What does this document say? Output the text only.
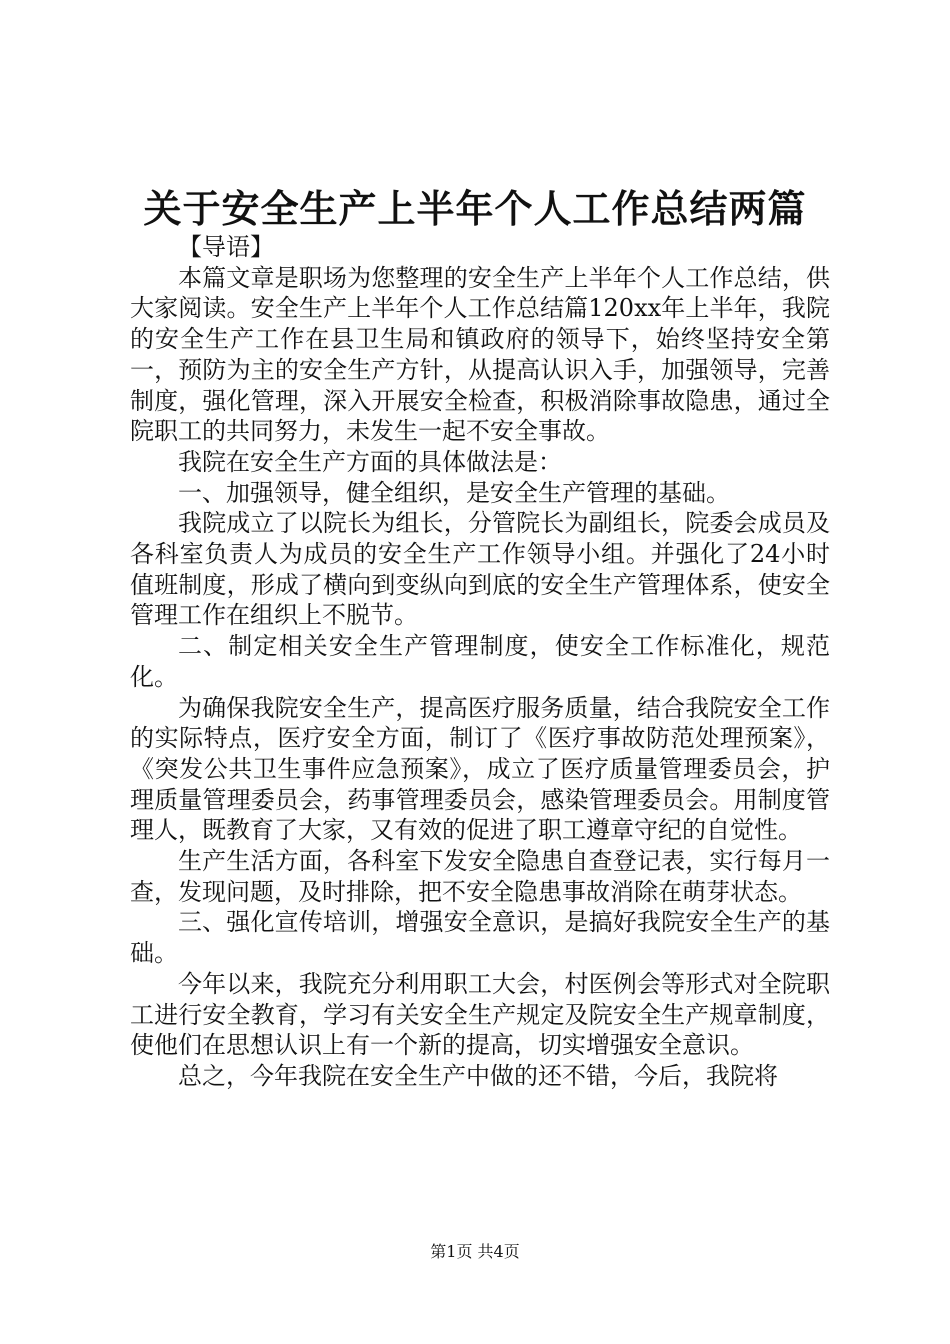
关于安全生产上半年个人工作总结两篇

【导语】

本篇文章是职场为您整理的安全生产上半年个人工作总结，供大家阅读。安全生产上半年个人工作总结篇120xx年上半年，我院的安全生产工作在县卫生局和镇政府的领导下，始终坚持安全第一，预防为主的安全生产方针，从提高认识入手，加强领导，完善制度，强化管理，深入开展安全检查，积极消除事故隐患，通过全院职工的共同努力，未发生一起不安全事故。

我院在安全生产方面的具体做法是：

一、加强领导，健全组织，是安全生产管理的基础。

我院成立了以院长为组长，分管院长为副组长，院委会成员及各科室负责人为成员的安全生产工作领导小组。并强化了24小时值班制度，形成了横向到变纵向到底的安全生产管理体系，使安全管理工作在组织上不脱节。

二、制定相关安全生产管理制度，使安全工作标准化，规范化。

为确保我院安全生产，提高医疗服务质量，结合我院安全工作的实际特点，医疗安全方面，制订了《医疗事故防范处理预案》，《突发公共卫生事件应急预案》，成立了医疗质量管理委员会，护理质量管理委员会，药事管理委员会，感染管理委员会。用制度管理人，既教育了大家，又有效的促进了职工遵章守纪的自觉性。

生产生活方面，各科室下发安全隐患自查登记表，实行每月一查，发现问题，及时排除，把不安全隐患事故消除在萌芽状态。

三、强化宣传培训，增强安全意识，是搞好我院安全生产的基础。

今年以来，我院充分利用职工大会，村医例会等形式对全院职工进行安全教育，学习有关安全生产规定及院安全生产规章制度，使他们在思想认识上有一个新的提高，切实增强安全意识。

总之，今年我院在安全生产中做的还不错，今后，我院将

第1页 共4页
